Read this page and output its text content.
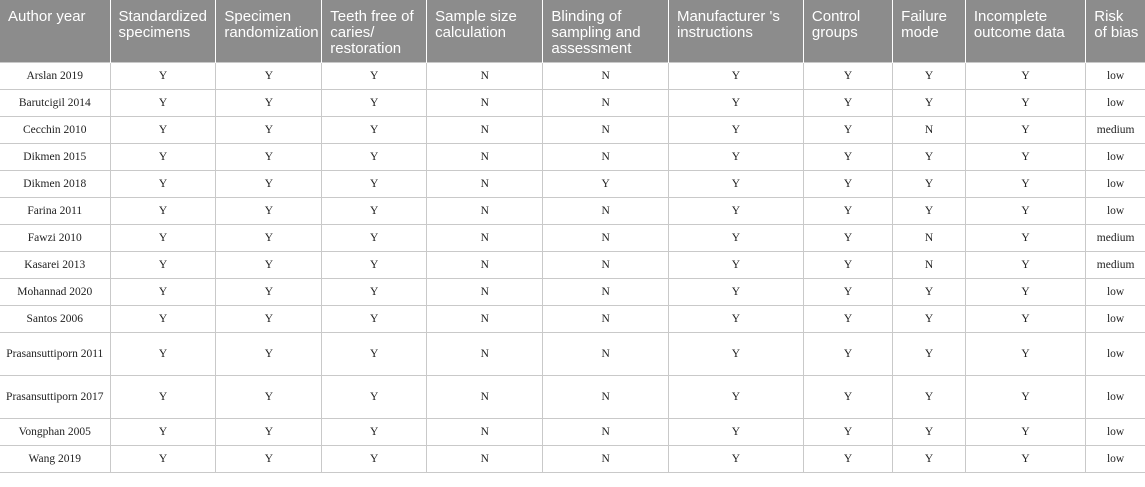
Author year	Standardized specimens	Specimen randomization	Teeth free of caries/ restoration	Sample size calculation	Blinding of sampling and assessment	Manufacturer 's instructions	Control groups	Failure mode	Incomplete outcome data	Risk of bias
Arslan 2019	Y	Y	Y	N	N	Y	Y	Y	Y	low
Barutcigil 2014	Y	Y	Y	N	N	Y	Y	Y	Y	low
Cecchin 2010	Y	Y	Y	N	N	Y	Y	N	Y	medium
Dikmen 2015	Y	Y	Y	N	N	Y	Y	Y	Y	low
Dikmen 2018	Y	Y	Y	N	Y	Y	Y	Y	Y	low
Farina 2011	Y	Y	Y	N	N	Y	Y	Y	Y	low
Fawzi 2010	Y	Y	Y	N	N	Y	Y	N	Y	medium
Kasarei 2013	Y	Y	Y	N	N	Y	Y	N	Y	medium
Mohannad 2020	Y	Y	Y	N	N	Y	Y	Y	Y	low
Santos 2006	Y	Y	Y	N	N	Y	Y	Y	Y	low
Prasansuttiporn 2011	Y	Y	Y	N	N	Y	Y	Y	Y	low
Prasansuttiporn 2017	Y	Y	Y	N	N	Y	Y	Y	Y	low
Vongphan 2005	Y	Y	Y	N	N	Y	Y	Y	Y	low
Wang 2019	Y	Y	Y	N	N	Y	Y	Y	Y	low
